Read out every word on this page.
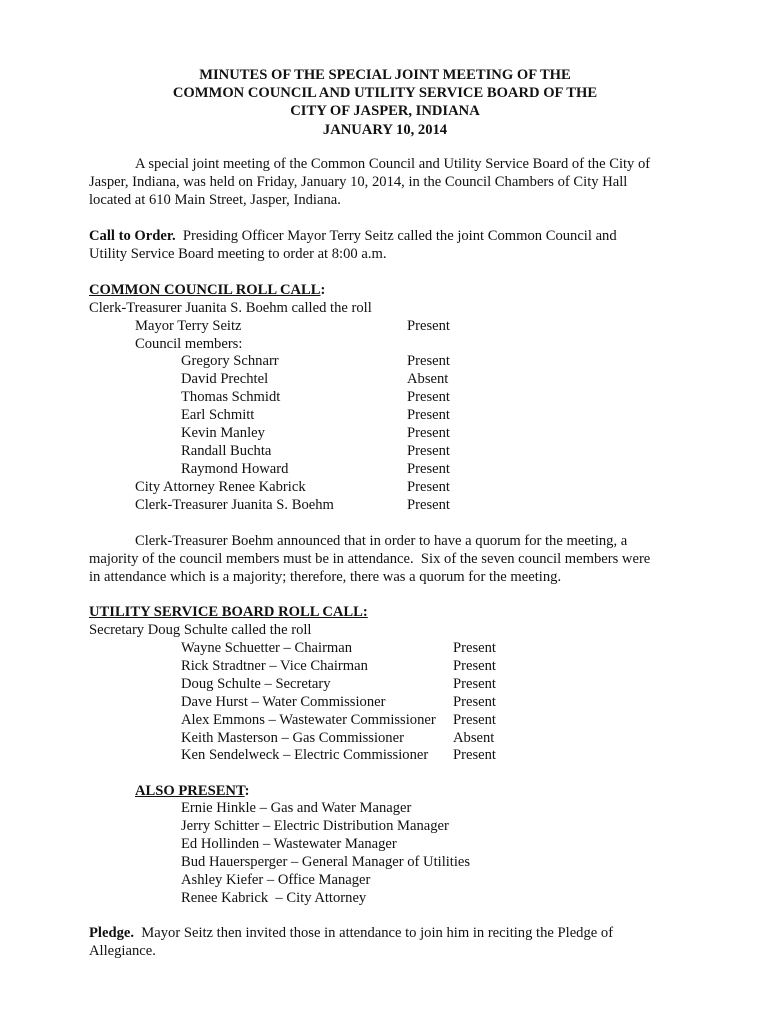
MINUTES OF THE SPECIAL JOINT MEETING OF THE
COMMON COUNCIL AND UTILITY SERVICE BOARD OF THE
CITY OF JASPER, INDIANA
JANUARY 10, 2014
A special joint meeting of the Common Council and Utility Service Board of the City of
Jasper, Indiana, was held on Friday, January 10, 2014, in the Council Chambers of City Hall
located at 610 Main Street, Jasper, Indiana.
Call to Order. Presiding Officer Mayor Terry Seitz called the joint Common Council and
Utility Service Board meeting to order at 8:00 a.m.
COMMON COUNCIL ROLL CALL:
Clerk-Treasurer Juanita S. Boehm called the roll
Mayor Terry Seitz	Present
Council members:
Gregory Schnarr	Present
David Prechtel	Absent
Thomas Schmidt	Present
Earl Schmitt	Present
Kevin Manley	Present
Randall Buchta	Present
Raymond Howard	Present
City Attorney Renee Kabrick	Present
Clerk-Treasurer Juanita S. Boehm	Present
Clerk-Treasurer Boehm announced that in order to have a quorum for the meeting, a
majority of the council members must be in attendance.  Six of the seven council members were
in attendance which is a majority; therefore, there was a quorum for the meeting.
UTILITY SERVICE BOARD ROLL CALL:
Secretary Doug Schulte called the roll
Wayne Schuetter – Chairman	Present
Rick Stradtner – Vice Chairman	Present
Doug Schulte – Secretary	Present
Dave Hurst – Water Commissioner	Present
Alex Emmons – Wastewater Commissioner Present
Keith Masterson – Gas Commissioner	Absent
Ken Sendelweck – Electric Commissioner Present
ALSO PRESENT:
Ernie Hinkle – Gas and Water Manager
Jerry Schitter – Electric Distribution Manager
Ed Hollinden – Wastewater Manager
Bud Hauersperger – General Manager of Utilities
Ashley Kiefer – Office Manager
Renee Kabrick  – City Attorney
Pledge. Mayor Seitz then invited those in attendance to join him in reciting the Pledge of
Allegiance.
